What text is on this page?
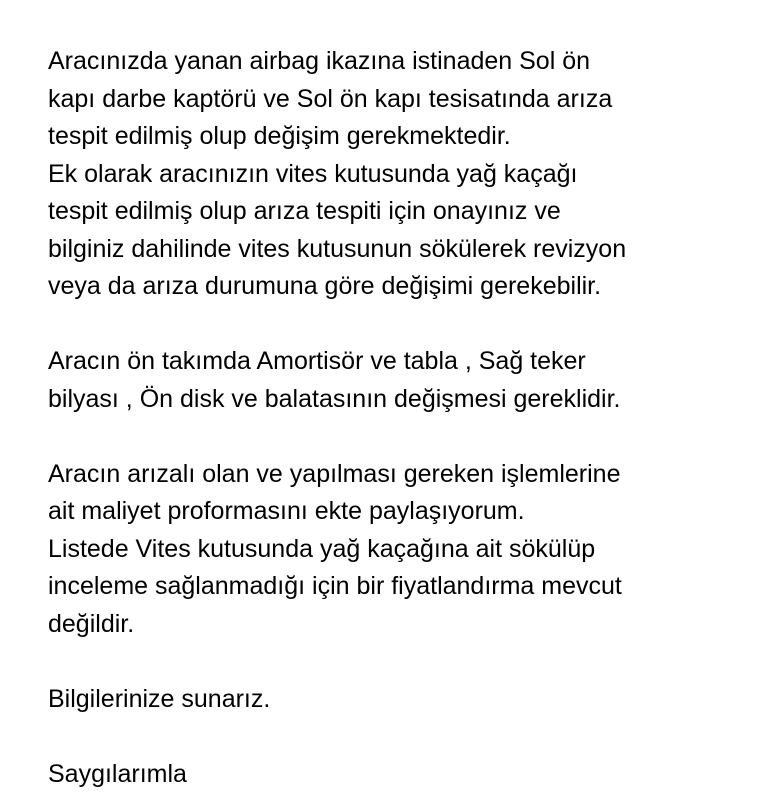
Aracınızda yanan airbag ikazına istinaden Sol ön
kapı darbe kaptörü ve Sol ön kapı tesisatında arıza
tespit edilmiş olup değişim gerekmektedir.
Ek olarak aracınızın vites kutusunda yağ kaçağı
tespit edilmiş olup arıza tespiti için onayınız ve
bilginiz dahilinde vites kutusunun sökülerek revizyon
veya da arıza durumuna göre değişimi gerekebilir.
Aracın ön takımda Amortisör ve tabla , Sağ teker
bilyası , Ön disk ve balatasının değişmesi gereklidir.
Aracın arızalı olan ve yapılması gereken işlemlerine
ait maliyet proformasını ekte paylaşıyorum.
Listede Vites kutusunda yağ kaçağına ait sökülüp
inceleme sağlanmadığı için bir fiyatlandırma mevcut
değildir.
Bilgilerinize sunarız.
Saygılarımla
